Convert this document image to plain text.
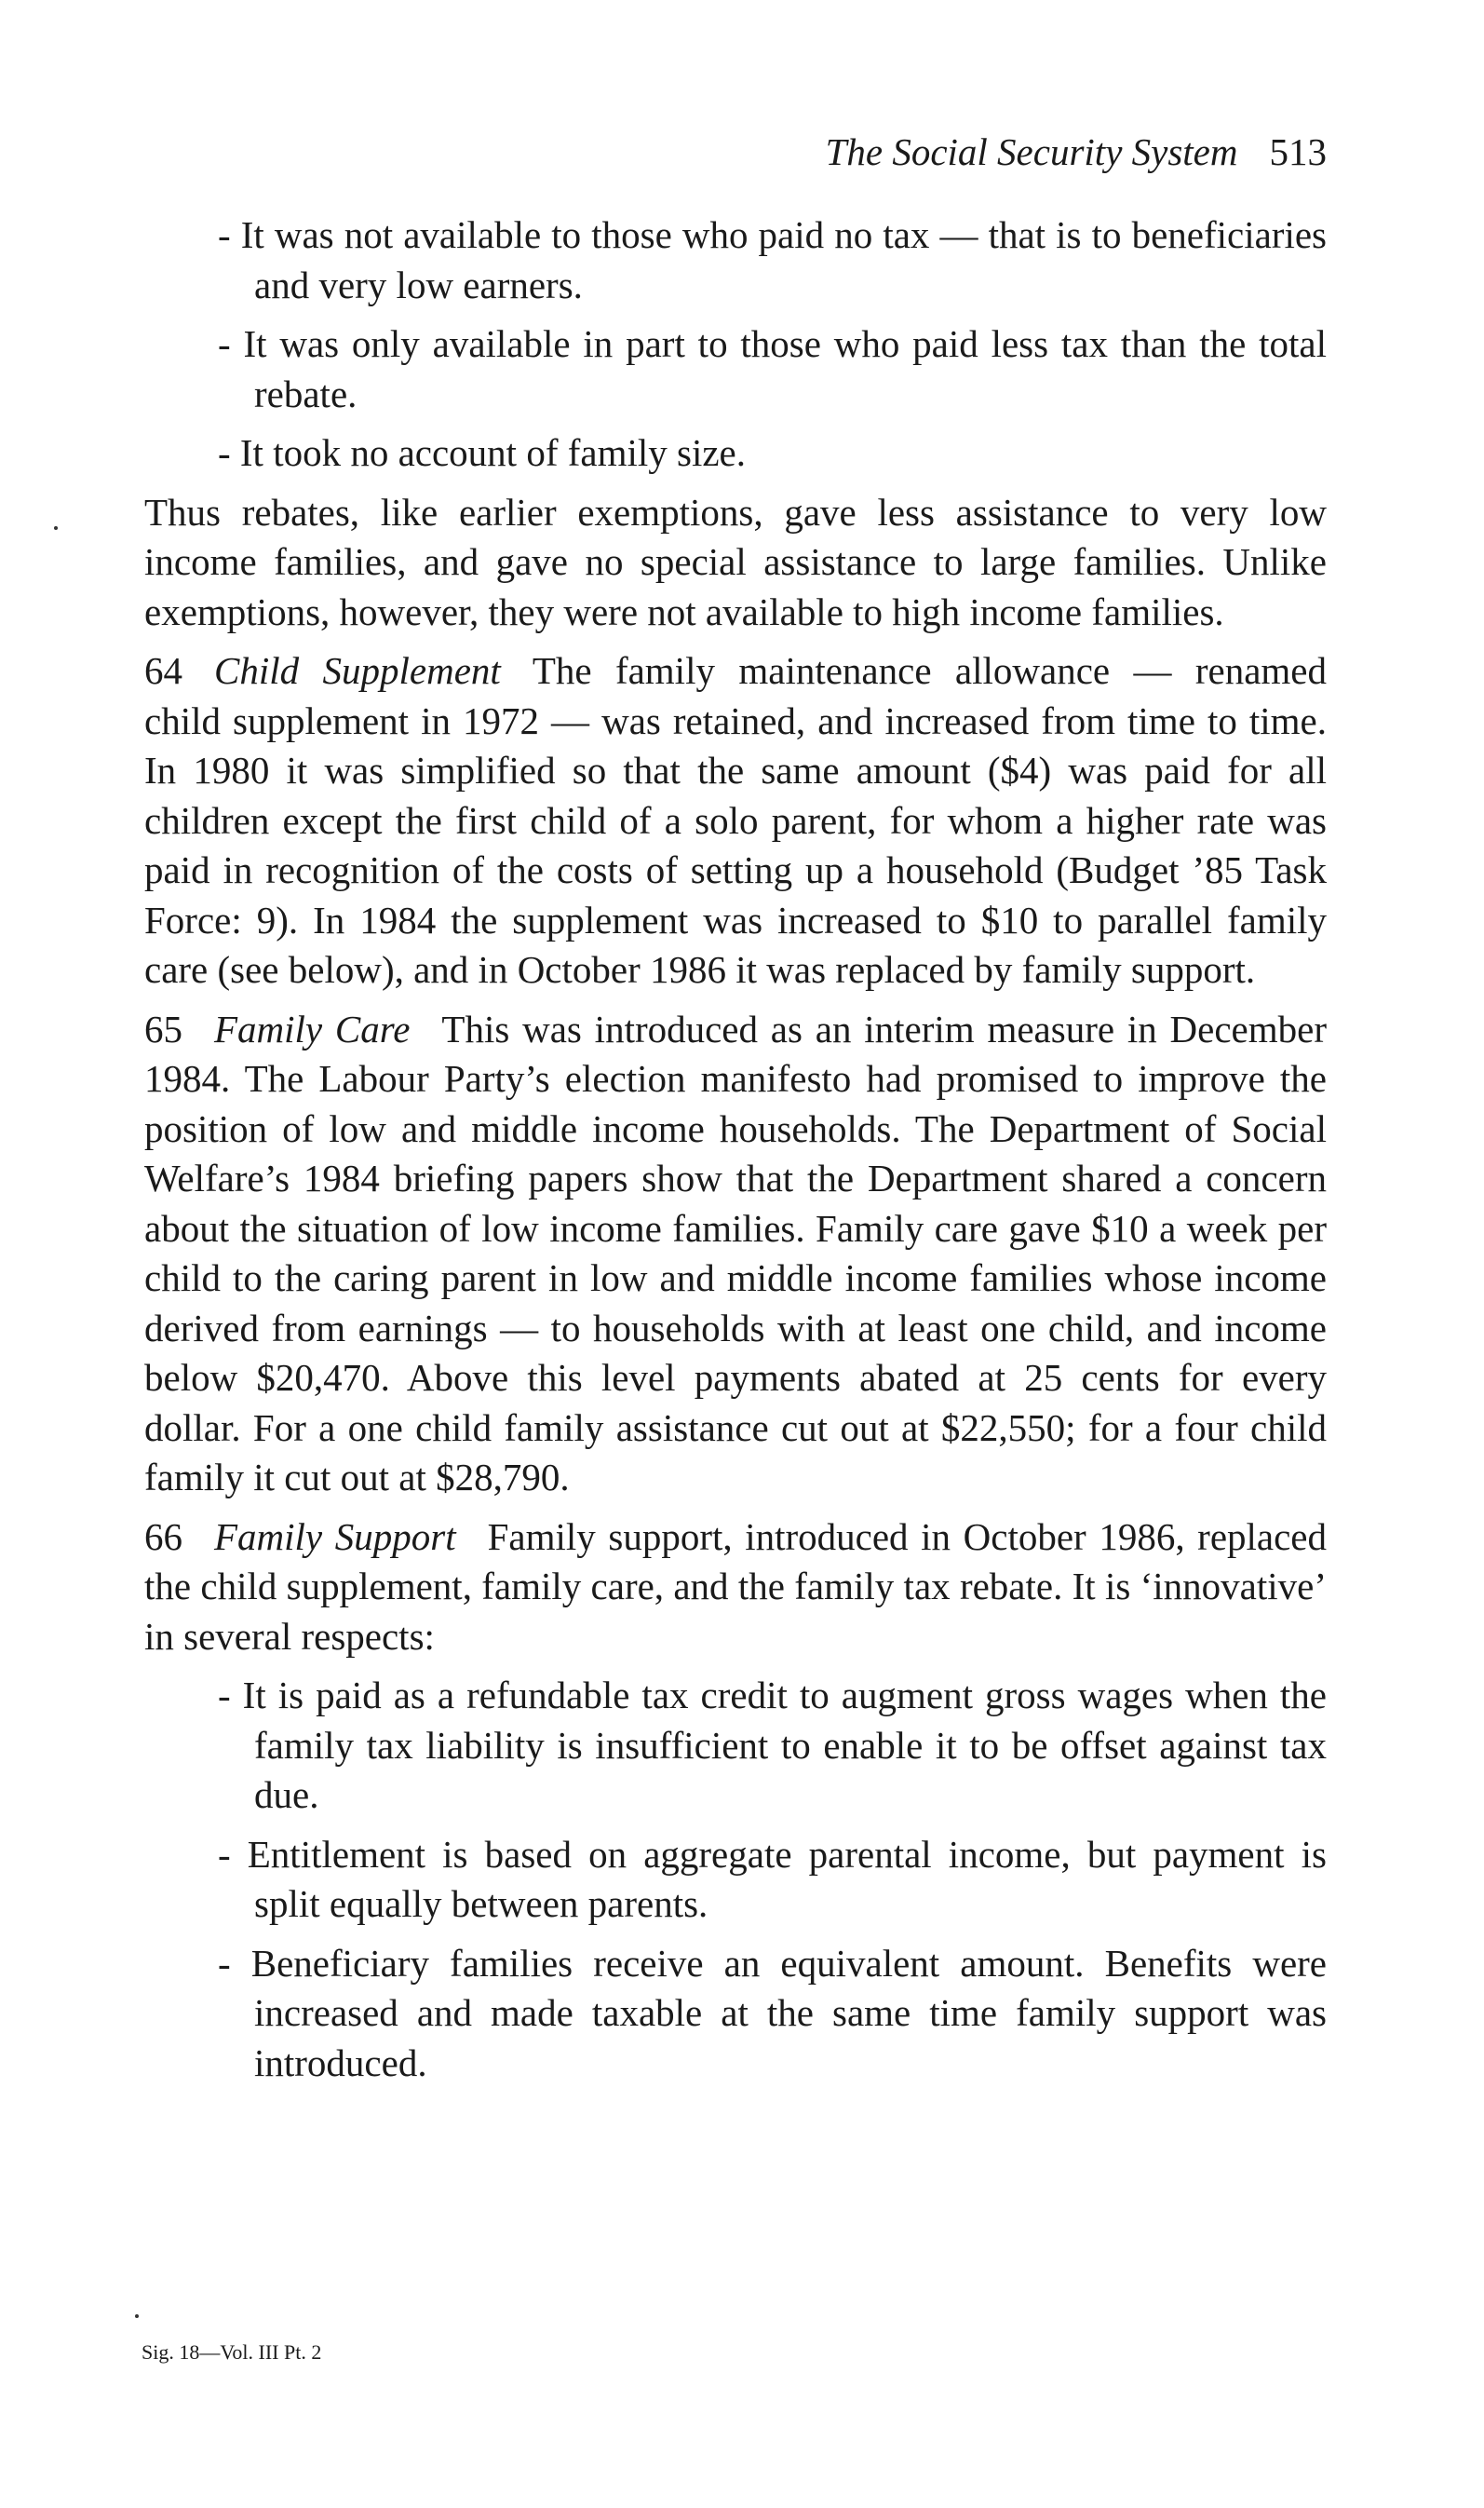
The Social Security System 513

- It was not available to those who paid no tax — that is to beneficiaries and very low earners.

- It was only available in part to those who paid less tax than the total rebate.

- It took no account of family size.

Thus rebates, like earlier exemptions, gave less assistance to very low income families, and gave no special assistance to large families. Unlike exemptions, however, they were not available to high income families.

64 Child Supplement The family maintenance allowance — renamed child supplement in 1972 — was retained, and increased from time to time. In 1980 it was simplified so that the same amount ($4) was paid for all children except the first child of a solo parent, for whom a higher rate was paid in recognition of the costs of setting up a household (Budget ’85 Task Force: 9). In 1984 the supplement was increased to $10 to parallel family care (see below), and in October 1986 it was replaced by family support.

65 Family Care This was introduced as an interim measure in December 1984. The Labour Party’s election manifesto had promised to improve the position of low and middle income households. The Department of Social Welfare’s 1984 briefing papers show that the Department shared a concern about the situation of low income families. Family care gave $10 a week per child to the caring parent in low and middle income families whose income derived from earnings — to households with at least one child, and income below $20,470. Above this level payments abated at 25 cents for every dollar. For a one child family assistance cut out at $22,550; for a four child family it cut out at $28,790.

66 Family Support Family support, introduced in October 1986, replaced the child supplement, family care, and the family tax rebate. It is ‘innovative’ in several respects:

- It is paid as a refundable tax credit to augment gross wages when the family tax liability is insufficient to enable it to be offset against tax due.

- Entitlement is based on aggregate parental income, but payment is split equally between parents.

- Beneficiary families receive an equivalent amount. Benefits were increased and made taxable at the same time family support was introduced.

Sig. 18—Vol. III Pt. 2
